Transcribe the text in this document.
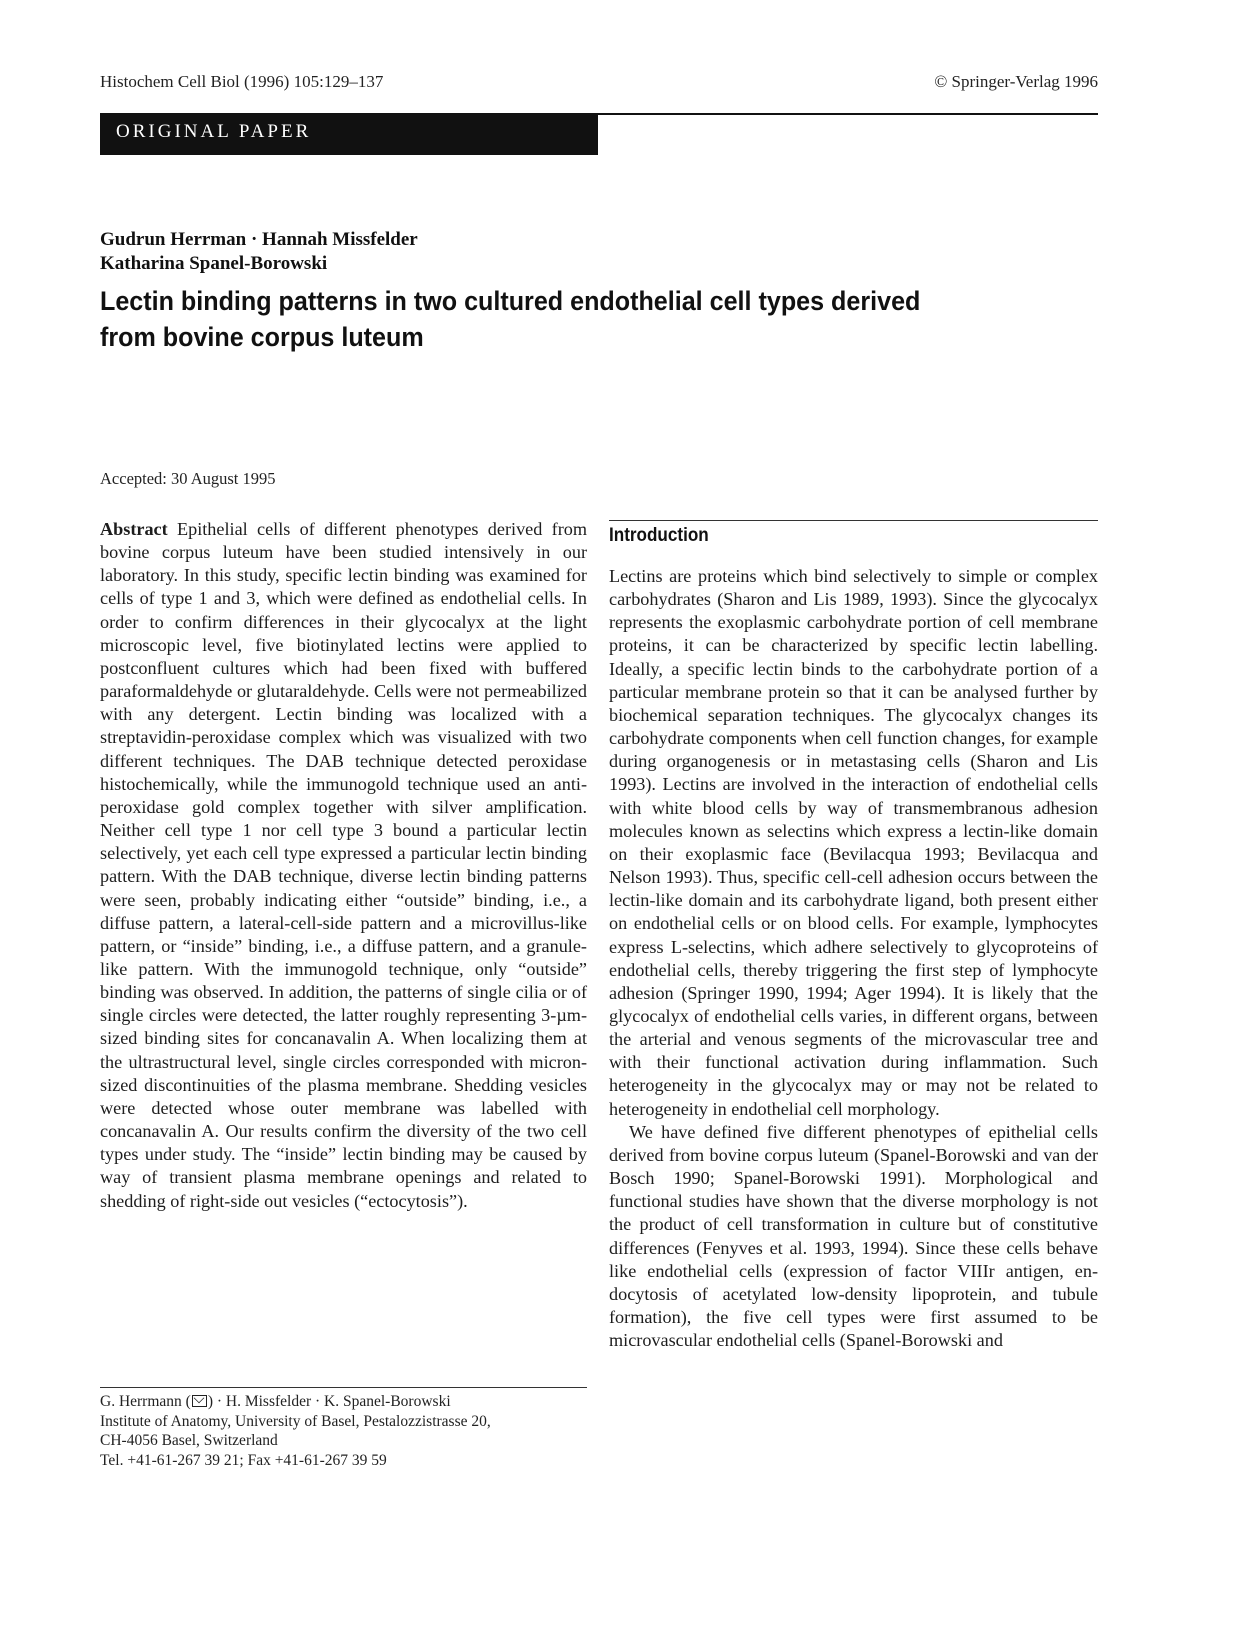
Histochem Cell Biol (1996) 105:129–137	© Springer-Verlag 1996
ORIGINAL PAPER
Gudrun Herrman · Hannah Missfelder
Katharina Spanel-Borowski
Lectin binding patterns in two cultured endothelial cell types derived
from bovine corpus luteum
Accepted: 30 August 1995

Abstract Epithelial cells of different phenotypes derived from bovine corpus luteum have been studied intensively in our laboratory. In this study, specific lectin binding was examined for cells of type 1 and 3, which were defined as endothelial cells. In order to confirm differences in their glycocalyx at the light microscopic level, five biotinylated lectins were applied to postconfluent cultures which had been fixed with buffered paraformaldehyde or glutaraldehyde. Cells were not permeabilized with any detergent. Lectin binding was localized with a streptavidin-peroxidase complex which was visualized with two different techniques. The DAB technique detected peroxidase histochemically, while the immunogold technique used an anti-peroxidase gold complex together with silver amplification. Neither cell type 1 nor cell type 3 bound a particular lectin selectively, yet each cell type expressed a particular lectin binding pattern. With the DAB technique, diverse lectin binding patterns were seen, probably indicating either “outside” binding, i.e., a diffuse pattern, a lateral-cell-side pattern and a microvillus-like pattern, or “inside” binding, i.e., a diffuse pattern, and a granule-like pattern. With the immunogold technique, only “outside” binding was observed. In addition, the patterns of single cilia or of single circles were detected, the latter roughly representing 3-µm-sized binding sites for concanavalin A. When localizing them at the ultrastructural level, single circles corresponded with micron-sized discontinuities of the plasma membrane. Shedding vesicles were detected whose outer membrane was labelled with concanavalin A. Our results confirm the diversity of the two cell types under study. The “inside” lectin binding may be caused by way of transient plasma membrane openings and related to shedding of right-side out vesicles (“ectocytosis”).

G. Herrmann ( ) · H. Missfelder · K. Spanel-Borowski
Institute of Anatomy, University of Basel, Pestalozzistrasse 20,
CH-4056 Basel, Switzerland
Tel. +41-61-267 39 21; Fax +41-61-267 39 59
Introduction

Lectins are proteins which bind selectively to simple or complex carbohydrates (Sharon and Lis 1989, 1993). Since the glycocalyx represents the exoplasmic carbohydrate portion of cell membrane proteins, it can be characterized by specific lectin labelling. Ideally, a specific lectin binds to the carbohydrate portion of a particular membrane protein so that it can be analysed further by biochemical separation techniques. The glycocalyx changes its carbohydrate components when cell function changes, for example during organogenesis or in metastasing cells (Sharon and Lis 1993). Lectins are involved in the interaction of endothelial cells with white blood cells by way of transmembranous adhesion molecules known as selectins which express a lectin-like domain on their exoplasmic face (Bevilacqua 1993; Bevilacqua and Nelson 1993). Thus, specific cell-cell adhesion occurs between the lectin-like domain and its carbohydrate ligand, both present either on endothelial cells or on blood cells. For example, lymphocytes express L-selectins, which adhere selectively to glycoproteins of endothelial cells, thereby triggering the first step of lymphocyte adhesion (Springer 1990, 1994; Ager 1994). It is likely that the glycocalyx of endothelial cells varies, in different organs, between the arterial and venous segments of the microvascular tree and with their functional activation during inflammation. Such heterogeneity in the glycocalyx may or may not be related to heterogeneity in endothelial cell morphology.

We have defined five different phenotypes of epithelial cells derived from bovine corpus luteum (Spanel-Borowski and van der Bosch 1990; Spanel-Borowski 1991). Morphological and functional studies have shown that the diverse morphology is not the product of cell transformation in culture but of constitutive differences (Fenyves et al. 1993, 1994). Since these cells behave like endothelial cells (expression of factor VIIIr antigen, endocytosis of acetylated low-density lipoprotein, and tubule formation), the five cell types were first assumed to be microvascular endothelial cells (Spanel-Borowski and
